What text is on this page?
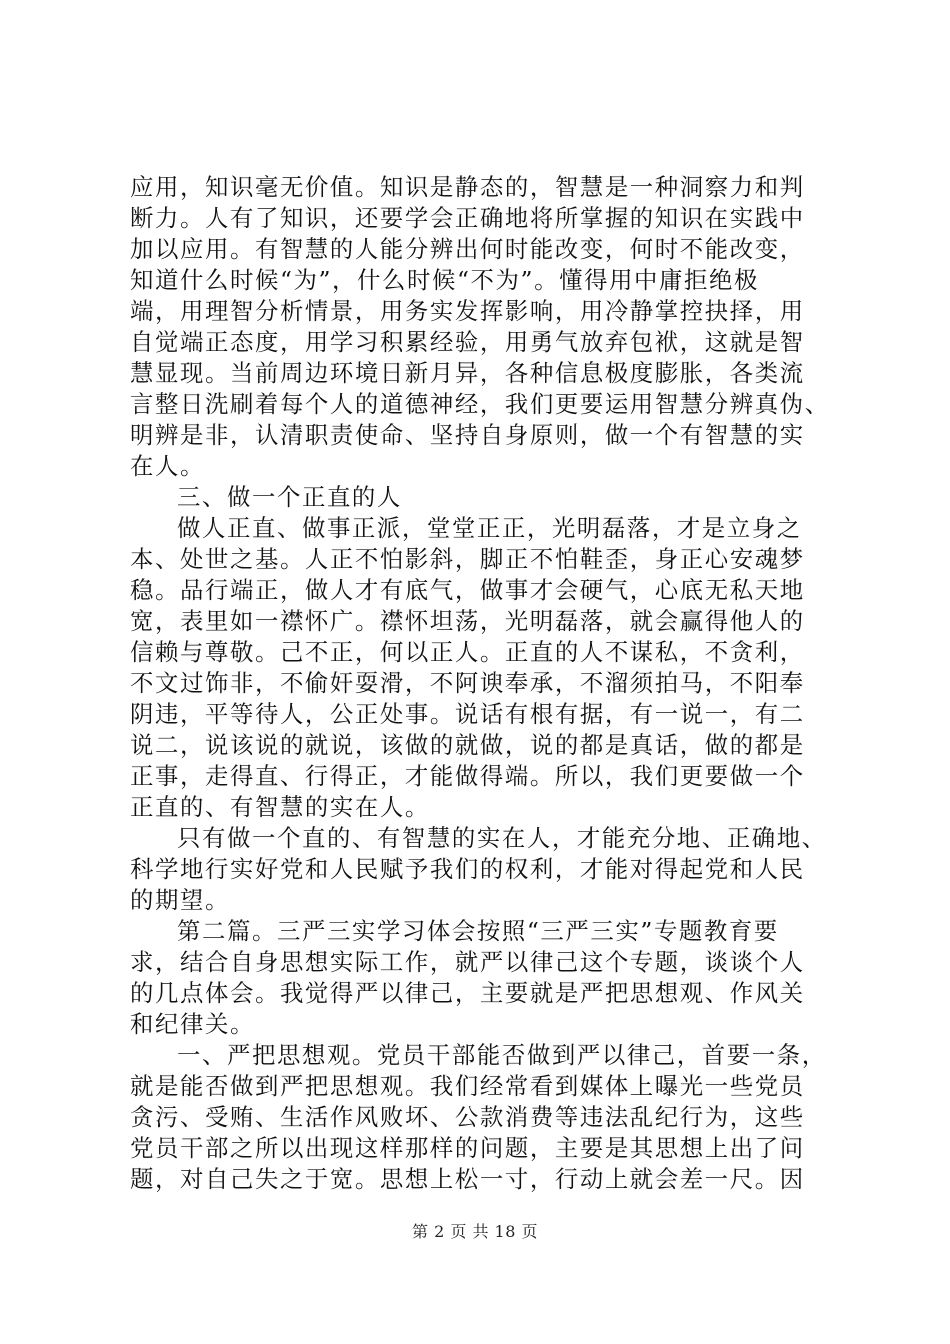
应用，知识毫无价值。知识是静态的，智慧是一种洞察力和判
断力。人有了知识，还要学会正确地将所掌握的知识在实践中
加以应用。有智慧的人能分辨出何时能改变，何时不能改变，
知道什么时候“为”，什么时候“不为”。懂得用中庸拒绝极
端，用理智分析情景，用务实发挥影响，用冷静掌控抉择，用
自觉端正态度，用学习积累经验，用勇气放弃包袱，这就是智
慧显现。当前周边环境日新月异，各种信息极度膨胀，各类流
言整日洗刷着每个人的道德神经，我们更要运用智慧分辨真伪、
明辨是非，认清职责使命、坚持自身原则，做一个有智慧的实
在人。
三、做一个正直的人
做人正直、做事正派，堂堂正正，光明磊落，才是立身之
本、处世之基。人正不怕影斜，脚正不怕鞋歪，身正心安魂梦
稳。品行端正，做人才有底气，做事才会硬气，心底无私天地
宽，表里如一襟怀广。襟怀坦荡，光明磊落，就会赢得他人的
信赖与尊敬。己不正，何以正人。正直的人不谋私，不贪利，
不文过饰非，不偷奸耍滑，不阿谀奉承，不溜须拍马，不阳奉
阴违，平等待人，公正处事。说话有根有据，有一说一，有二
说二，说该说的就说，该做的就做，说的都是真话，做的都是
正事，走得直、行得正，才能做得端。所以，我们更要做一个
正直的、有智慧的实在人。
只有做一个直的、有智慧的实在人，才能充分地、正确地、
科学地行实好党和人民赋予我们的权利，才能对得起党和人民
的期望。
第二篇。三严三实学习体会按照“三严三实”专题教育要
求，结合自身思想实际工作，就严以律己这个专题，谈谈个人
的几点体会。我觉得严以律己，主要就是严把思想观、作风关
和纪律关。
一、严把思想观。党员干部能否做到严以律己，首要一条，
就是能否做到严把思想观。我们经常看到媒体上曝光一些党员
贪污、受贿、生活作风败坏、公款消费等违法乱纪行为，这些
党员干部之所以出现这样那样的问题，主要是其思想上出了问
题，对自己失之于宽。思想上松一寸，行动上就会差一尺。因
第 2 页 共 18 页
